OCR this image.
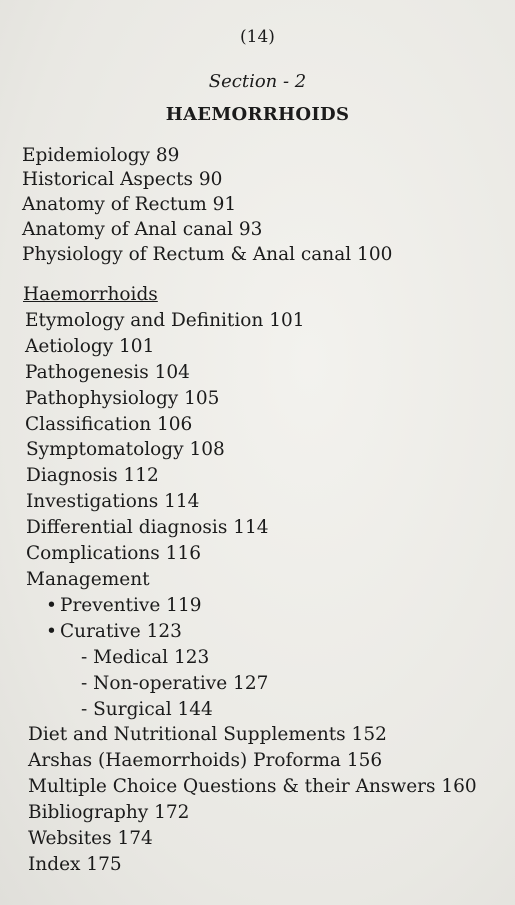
(14)
Section - 2
HAEMORRHOIDS
Epidemiology 89
Historical Aspects 90
Anatomy of Rectum 91
Anatomy of Anal canal 93
Physiology of Rectum & Anal canal 100
Haemorrhoids
Etymology and Definition 101
Aetiology 101
Pathogenesis 104
Pathophysiology 105
Classification 106
Symptomatology 108
Diagnosis 112
Investigations 114
Differential diagnosis 114
Complications 116
Management
• Preventive 119
• Curative 123
- Medical 123
- Non-operative 127
- Surgical 144
Diet and Nutritional Supplements 152
Arshas (Haemorrhoids) Proforma 156
Multiple Choice Questions & their Answers 160
Bibliography 172
Websites 174
Index 175
